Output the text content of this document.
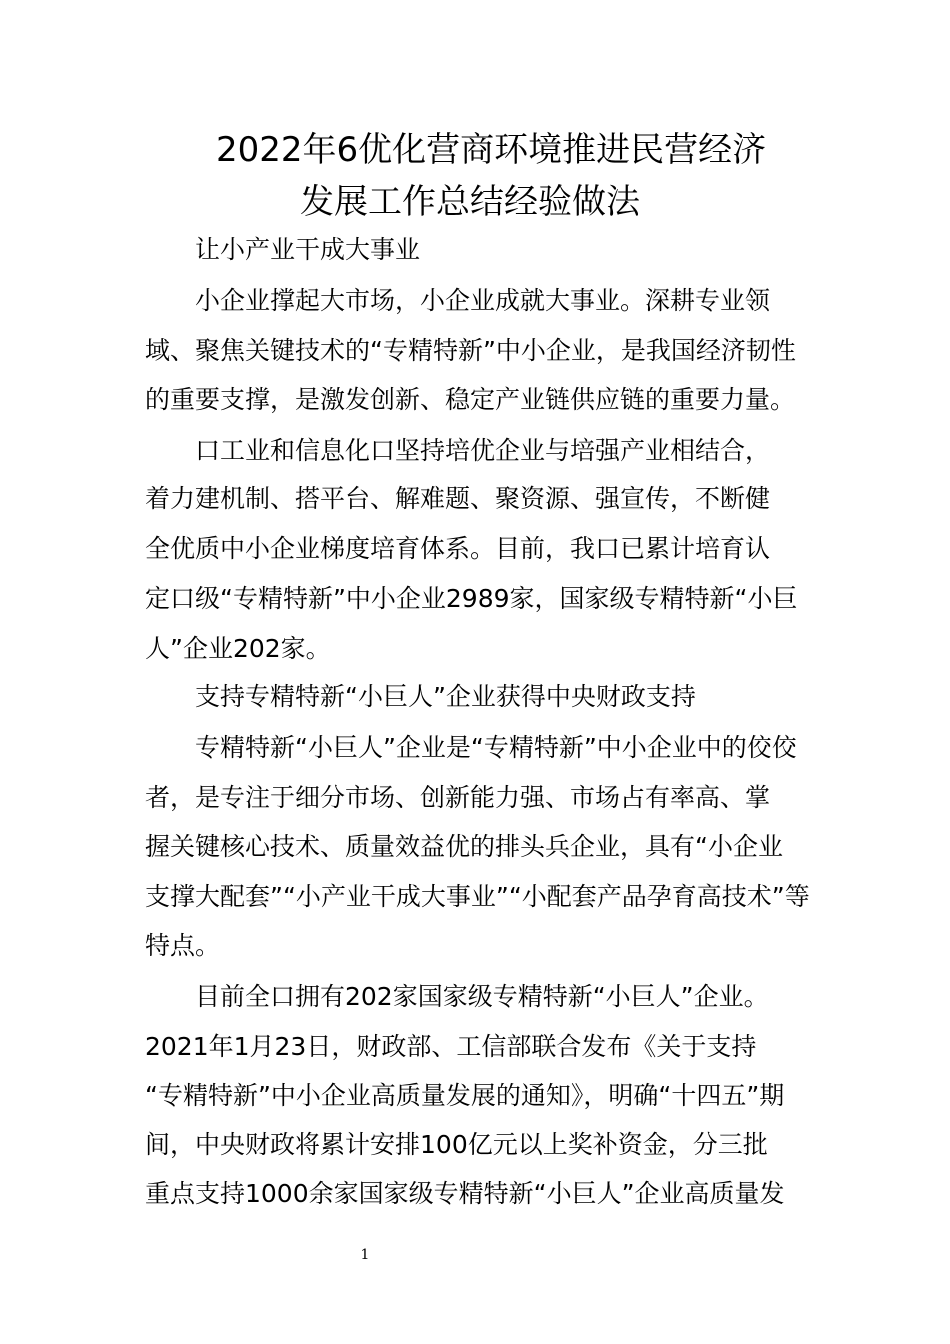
2022年6优化营商环境推进民营经济
发展工作总结经验做法
让小产业干成大事业
小企业撑起大市场，小企业成就大事业。深耕专业领
域、聚焦关键技术的“专精特新”中小企业，是我国经济韧性
的重要支撑，是激发创新、稳定产业链供应链的重要力量。
口工业和信息化口坚持培优企业与培强产业相结合，
着力建机制、搭平台、解难题、聚资源、强宣传，不断健
全优质中小企业梯度培育体系。目前，我口已累计培育认
定口级“专精特新”中小企业2989家，国家级专精特新“小巨
人”企业202家。
支持专精特新“小巨人”企业获得中央财政支持
专精特新“小巨人”企业是“专精特新”中小企业中的佼佼
者，是专注于细分市场、创新能力强、市场占有率高、掌
握关键核心技术、质量效益优的排头兵企业，具有“小企业
支撑大配套”“小产业干成大事业”“小配套产品孕育高技术”等
特点。
目前全口拥有202家国家级专精特新“小巨人”企业。
2021年1月23日，财政部、工信部联合发布《关于支持
“专精特新”中小企业高质量发展的通知》，明确“十四五”期
间，中央财政将累计安排100亿元以上奖补资金，分三批
重点支持1000余家国家级专精特新“小巨人”企业高质量发
1
